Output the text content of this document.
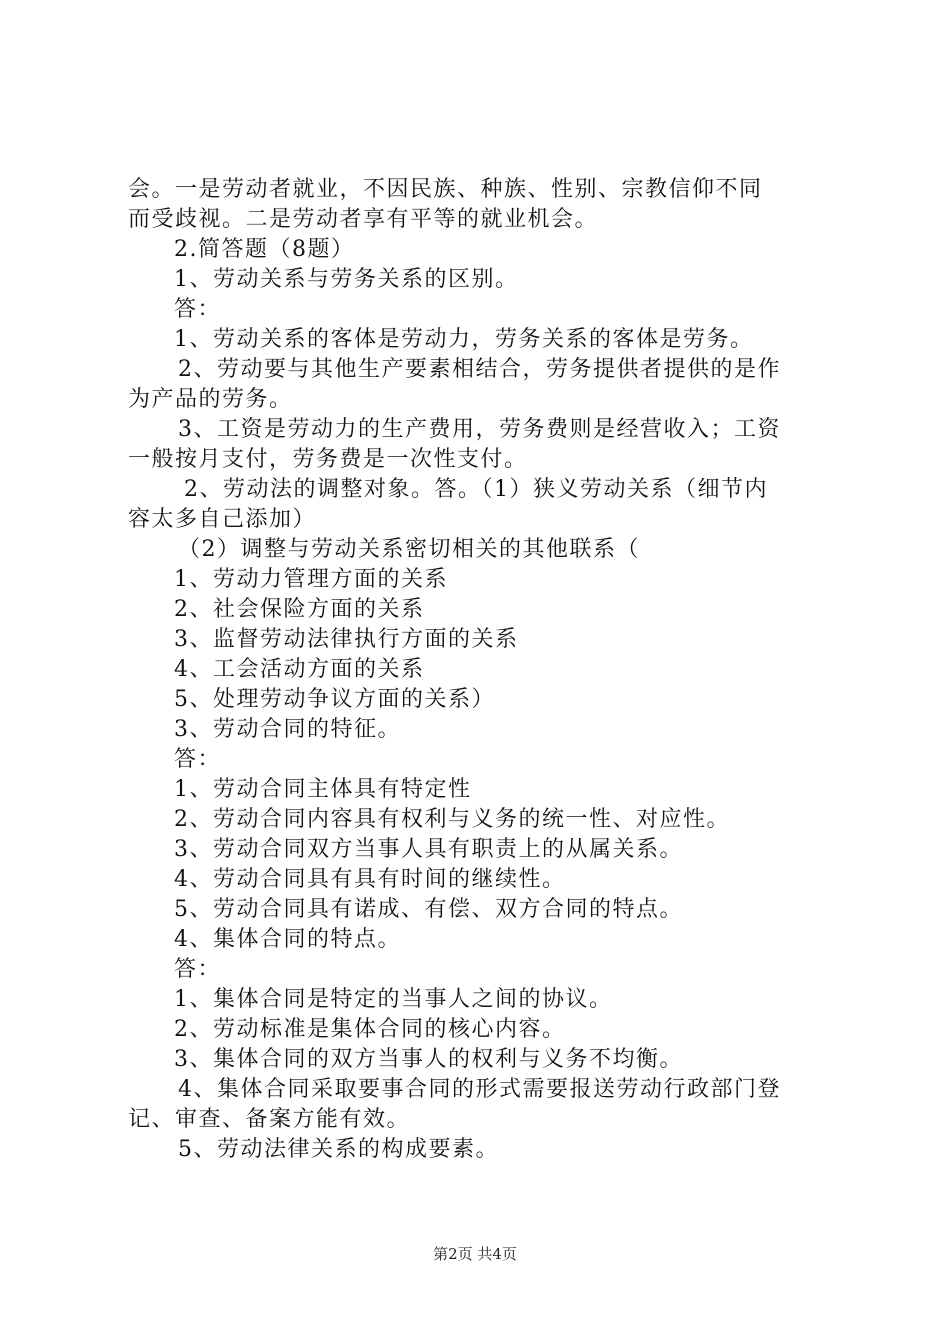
会。一是劳动者就业，不因民族、种族、性别、宗教信仰不同
而受歧视。二是劳动者享有平等的就业机会。
2.简答题（8题）
1、劳动关系与劳务关系的区别。
答：
1、劳动关系的客体是劳动力，劳务关系的客体是劳务。
2、劳动要与其他生产要素相结合，劳务提供者提供的是作
为产品的劳务。
3、工资是劳动力的生产费用，劳务费则是经营收入；工资
一般按月支付，劳务费是一次性支付。
2、劳动法的调整对象。答。（1）狭义劳动关系（细节内
容太多自己添加）
（2）调整与劳动关系密切相关的其他联系（
1、劳动力管理方面的关系
2、社会保险方面的关系
3、监督劳动法律执行方面的关系
4、工会活动方面的关系
5、处理劳动争议方面的关系）
3、劳动合同的特征。
答：
1、劳动合同主体具有特定性
2、劳动合同内容具有权利与义务的统一性、对应性。
3、劳动合同双方当事人具有职责上的从属关系。
4、劳动合同具有具有时间的继续性。
5、劳动合同具有诺成、有偿、双方合同的特点。
4、集体合同的特点。
答：
1、集体合同是特定的当事人之间的协议。
2、劳动标准是集体合同的核心内容。
3、集体合同的双方当事人的权利与义务不均衡。
4、集体合同采取要事合同的形式需要报送劳动行政部门登
记、审查、备案方能有效。
5、劳动法律关系的构成要素。
第2页 共4页
